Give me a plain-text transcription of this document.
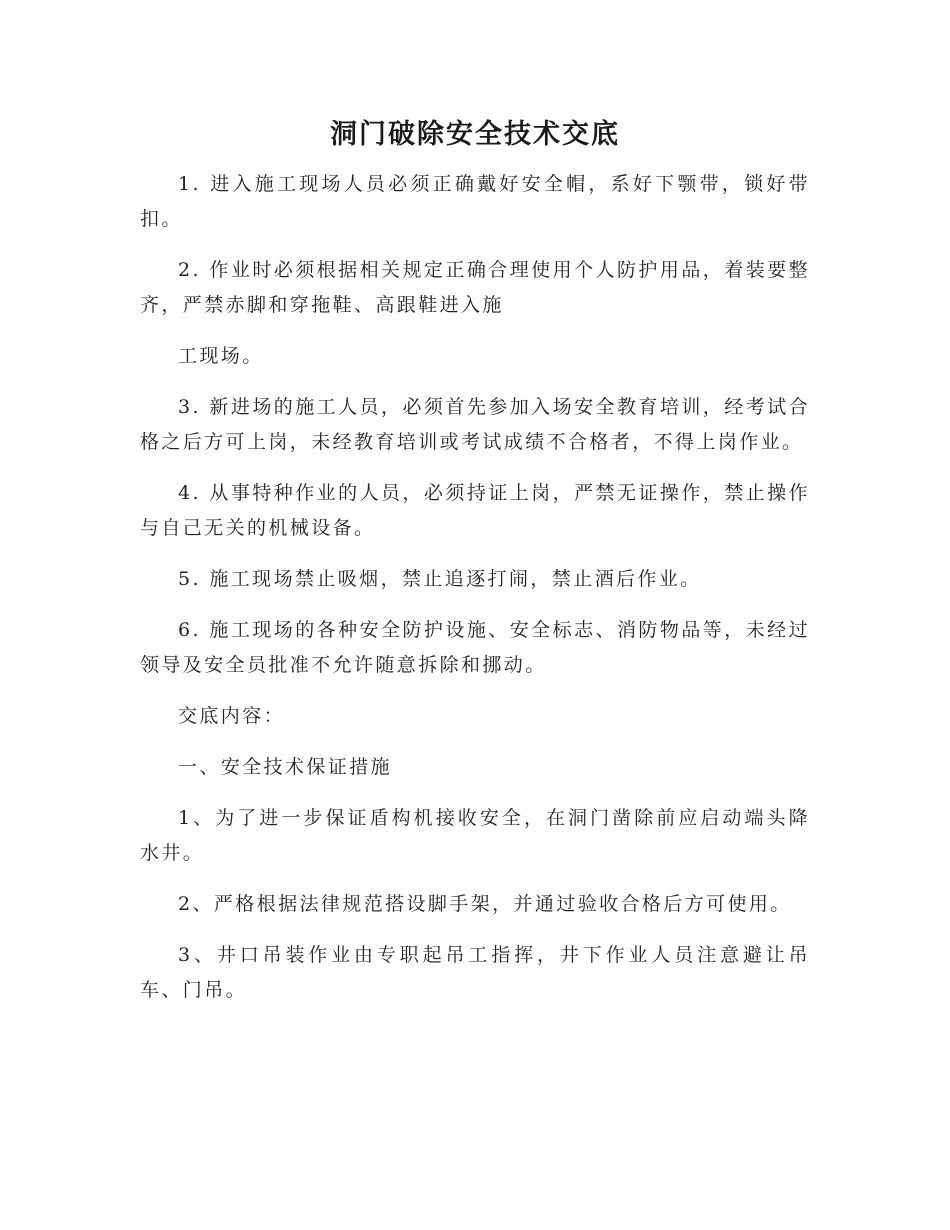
洞门破除安全技术交底

1. 进入施工现场人员必须正确戴好安全帽，系好下颚带，锁好带扣。

2. 作业时必须根据相关规定正确合理使用个人防护用品，着装要整齐，严禁赤脚和穿拖鞋、高跟鞋进入施

工现场。

3. 新进场的施工人员，必须首先参加入场安全教育培训，经考试合格之后方可上岗，未经教育培训或考试成绩不合格者，不得上岗作业。

4. 从事特种作业的人员，必须持证上岗，严禁无证操作，禁止操作与自己无关的机械设备。

5. 施工现场禁止吸烟，禁止追逐打闹，禁止酒后作业。

6. 施工现场的各种安全防护设施、安全标志、消防物品等，未经过领导及安全员批准不允许随意拆除和挪动。

交底内容：

一、安全技术保证措施

1、为了进一步保证盾构机接收安全，在洞门凿除前应启动端头降水井。

2、严格根据法律规范搭设脚手架，并通过验收合格后方可使用。

3、井口吊装作业由专职起吊工指挥，井下作业人员注意避让吊车、门吊。
